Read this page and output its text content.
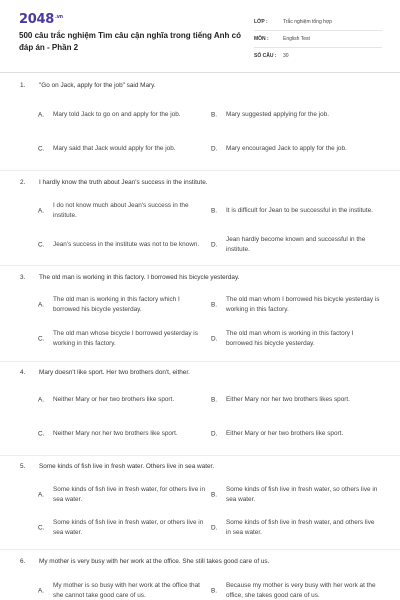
$2048^{.vn}$
500 câu trắc nghiệm Tìm câu cận nghĩa trong tiếng Anh có đáp án - Phần 2
LỚP :	Trắc nghiệm tổng hợp
MÔN :	English Test
SỐ CÂU :	30
1. "Go on Jack, apply for the job" said Mary.
A. Mary told Jack to go on and apply for the job.	B. Mary suggested applying for the job.
C. Mary said that Jack would apply for the job.	D. Mary encouraged Jack to apply for the job.
2. I hardly know the truth about Jean's success in the institute.
A.
I do not know much about Jean's success in the institute.
B. It is difficult for Jean to be successful in the institute.
C. Jean's success in the institute was not to be known.	D.
Jean hardly become known and successful in the institute.
3. The old man is working in this factory. I borrowed his bicycle yesterday.
A.
The old man is working in this factory which I borrowed his bicycle yesterday.
B.
The old man whom I borrowed his bicycle yesterday is working in this factory.
C.
The old man whose bicycle I borrowed yesterday is working in this factory.
D.
The old man whom is working in this factory I borrowed his bicycle yesterday.
4. Mary doesn't like sport. Her two brothers don't, either.
A. Neither Mary or her two brothers like sport.	B. Either Mary nor her two brothers likes sport.
C. Neither Mary nor her two brothers like sport.	D. Either Mary or her two brothers like sport.
5. Some kinds of fish live in fresh water. Others live in sea water.
A.
Some kinds of fish live in fresh water, for others live in sea water.
B.
Some kinds of fish live in fresh water, so others live in sea water.
C.
Some kinds of fish live in fresh water, or others live in sea water.
D.
Some kinds of fish live in fresh water, and others live in sea water.
6. My mother is very busy with her work at the office. She still takes good care of us.
A.
My mother is so busy with her work at the office that she cannot take good care of us.
B.
Because my mother is very busy with her work at the office, she takes good care of us.
